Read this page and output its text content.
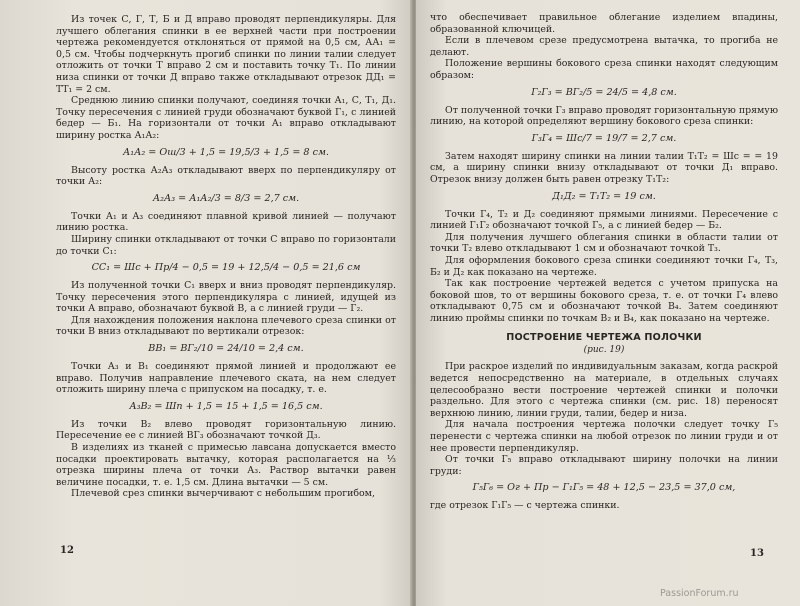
Из точек С, Г, Т, Б и Д вправо проводят перпендикуляры. Для лучшего облегания спинки в ее верхней части при построении чертежа рекомендуется отклоняться от прямой на 0,5 см, АА₁ = 0,5 см. Чтобы подчеркнуть прогиб спинки по линии талии следует отложить от точки Т вправо 2 см и поставить точку Т₁. По линии низа спинки от точки Д вправо также откладывают отрезок ДД₁ = ТТ₁ = 2 см.

Среднюю линию спинки получают, соединяя точки А₁, С, Т₁, Д₁. Точку пересечения с линией груди обозначают буквой Г₁, с линией бедер — Б₁. На горизонтали от точки А₁ вправо откладывают ширину ростка А₁А₂:

А₁А₂ = Ош/3 + 1,5 = 19,5/3 + 1,5 = 8 см.

Высоту ростка А₂А₃ откладывают вверх по перпендикуляру от точки А₂:

А₂А₃ = А₁А₂/3 = 8/3 = 2,7 см.

Точки А₁ и А₃ соединяют плавной кривой линией — получают линию ростка.

Ширину спинки откладывают от точки С вправо по горизонтали до точки С₁:

СС₁ = Шс + Пр/4 − 0,5 = 19 + 12,5/4 − 0,5 = 21,6 см

Из полученной точки С₁ вверх и вниз проводят перпендикуляр. Точку пересечения этого перпендикуляра с линией, идущей из точки А вправо, обозначают буквой В, а с линией груди — Г₂.

Для нахождения положения наклона плечевого среза спинки от точки В вниз откладывают по вертикали отрезок:

ВВ₁ = ВГ₂/10 = 24/10 = 2,4 см.

Точки А₃ и В₁ соединяют прямой линией и продолжают ее вправо. Получив направление плечевого ската, на нем следует отложить ширину плеча с припуском на посадку, т. е.

А₃В₂ = Шп + 1,5 = 15 + 1,5 = 16,5 см.

Из точки В₂ влево проводят горизонтальную линию. Пересечение ее с линией ВГ₃ обозначают точкой Д₃.

В изделиях из тканей с примесью лавсана допускается вместо посадки проектировать вытачку, которая располагается на ⅓ отрезка ширины плеча от точки А₃. Раствор вытачки равен величине посадки, т. е. 1,5 см. Длина вытачки — 5 см.

Плечевой срез спинки вычерчивают с небольшим прогибом,

12

что обеспечивает правильное облегание изделием впадины, образованной ключицей.

Если в плечевом срезе предусмотрена вытачка, то прогиба не делают.

Положение вершины бокового среза спинки находят следующим образом:

Г₂Г₃ = ВГ₂/5 = 24/5 = 4,8 см.

От полученной точки Г₃ вправо проводят горизонтальную прямую линию, на которой определяют вершину бокового среза спинки:

Г₃Г₄ = Шс/7 = 19/7 = 2,7 см.

Затем находят ширину спинки на линии талии Т₁Т₂ = Шс = = 19 см, а ширину спинки внизу откладывают от точки Д₁ вправо. Отрезок внизу должен быть равен отрезку Т₁Т₂:

Д₁Д₂ = Т₁Т₂ = 19 см.

Точки Г₄, Т₂ и Д₂ соединяют прямыми линиями. Пересечение с линией Г₁Г₂ обозначают точкой Г₅, а с линией бедер — Б₂.

Для получения лучшего облегания спинки в области талии от точки Т₂ влево откладывают 1 см и обозначают точкой Т₃.

Для оформления бокового среза спинки соединяют точки Г₄, Т₃, Б₂ и Д₂ как показано на чертеже.

Так как построение чертежей ведется с учетом припуска на боковой шов, то от вершины бокового среза, т. е. от точки Г₄ влево откладывают 0,75 см и обозначают точкой В₄. Затем соединяют линию проймы спинки по точкам В₂ и В₄, как показано на чертеже.

ПОСТРОЕНИЕ ЧЕРТЕЖА ПОЛОЧКИ
(рис. 19)

При раскрое изделий по индивидуальным заказам, когда раскрой ведется непосредственно на материале, в отдельных случаях целесообразно вести построение чертежей спинки и полочки раздельно. Для этого с чертежа спинки (см. рис. 18) переносят верхнюю линию, линии груди, талии, бедер и низа.

Для начала построения чертежа полочки следует точку Г₅ перенести с чертежа спинки на любой отрезок по линии груди и от нее провести перпендикуляр.

От точки Г₅ вправо откладывают ширину полочки на линии груди:

Г₅Г₆ = Ог + Пр − Г₁Г₅ = 48 + 12,5 − 23,5 = 37,0 см,

где отрезок Г₁Г₅ — с чертежа спинки.

13
PassionForum.ru
